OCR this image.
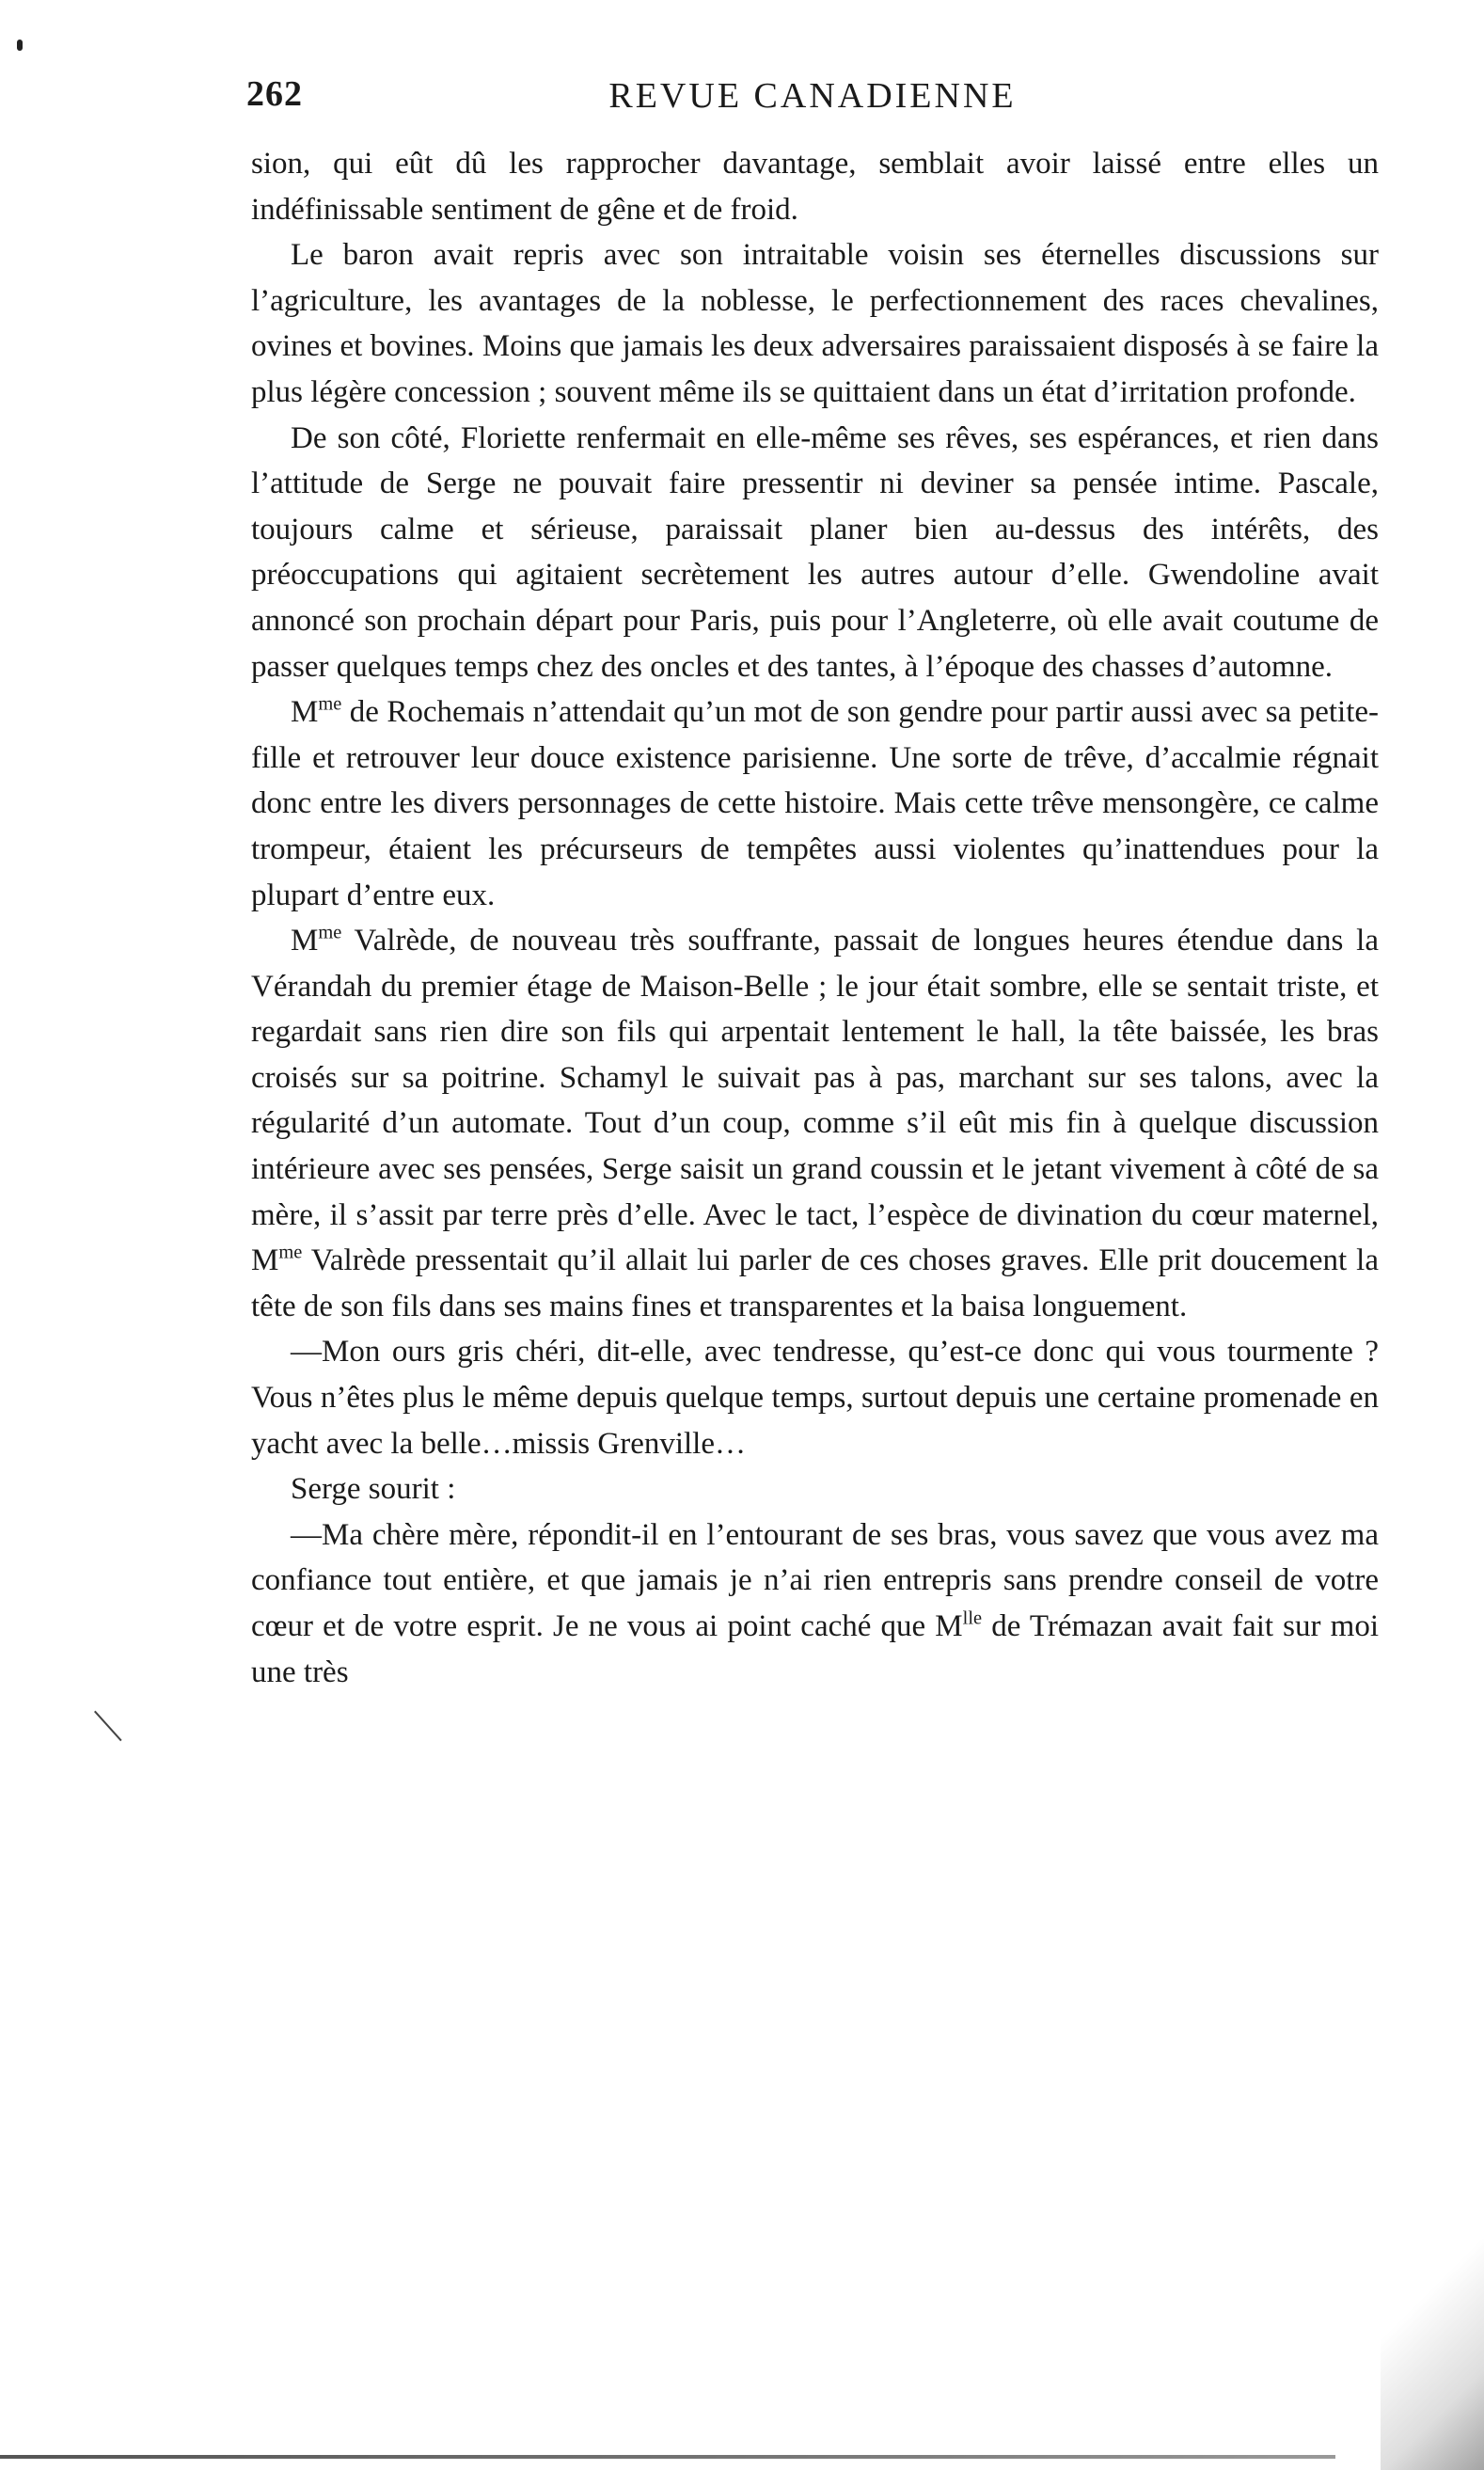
262	REVUE CANADIENNE

sion, qui eût dû les rapprocher davantage, semblait avoir laissé entre elles un indéfinissable sentiment de gêne et de froid.

Le baron avait repris avec son intraitable voisin ses éternelles discussions sur l’agriculture, les avantages de la noblesse, le perfectionnement des races chevalines, ovines et bovines. Moins que jamais les deux adversaires paraissaient disposés à se faire la plus légère concession ; souvent même ils se quittaient dans un état d’irritation profonde.

De son côté, Floriette renfermait en elle-même ses rêves, ses espérances, et rien dans l’attitude de Serge ne pouvait faire pressentir ni deviner sa pensée intime. Pascale, toujours calme et sérieuse, paraissait planer bien au-dessus des intérêts, des préoccupations qui agitaient secrètement les autres autour d’elle. Gwendoline avait annoncé son prochain départ pour Paris, puis pour l’Angleterre, où elle avait coutume de passer quelques temps chez des oncles et des tantes, à l’époque des chasses d’automne.

$M^{me}$ de Rochemais n’attendait qu’un mot de son gendre pour partir aussi avec sa petite-fille et retrouver leur douce existence parisienne. Une sorte de trêve, d’accalmie régnait donc entre les divers personnages de cette histoire. Mais cette trêve mensongère, ce calme trompeur, étaient les précurseurs de tempêtes aussi violentes qu’inattendues pour la plupart d’entre eux.

$M^{me}$ Valrède, de nouveau très souffrante, passait de longues heures étendue dans la Vérandah du premier étage de Maison-Belle ; le jour était sombre, elle se sentait triste, et regardait sans rien dire son fils qui arpentait lentement le hall, la tête baissée, les bras croisés sur sa poitrine. Schamyl le suivait pas à pas, marchant sur ses talons, avec la régularité d’un automate. Tout d’un coup, comme s’il eût mis fin à quelque discussion intérieure avec ses pensées, Serge saisit un grand coussin et le jetant vivement à côté de sa mère, il s’assit par terre près d’elle. Avec le tact, l’espèce de divination du cœur maternel, $M^{me}$ Valrède pressentait qu’il allait lui parler de ces choses graves. Elle prit doucement la tête de son fils dans ses mains fines et transparentes et la baisa longuement.

—Mon ours gris chéri, dit-elle, avec tendresse, qu’est-ce donc qui vous tourmente ? Vous n’êtes plus le même depuis quelque temps, surtout depuis une certaine promenade en yacht avec la belle…missis Grenville…

Serge sourit :

—Ma chère mère, répondit-il en l’entourant de ses bras, vous savez que vous avez ma confiance tout entière, et que jamais je n’ai rien entrepris sans prendre conseil de votre cœur et de votre esprit. Je ne vous ai point caché que $M^{lle}$ de Trémazan avait fait sur moi une très
